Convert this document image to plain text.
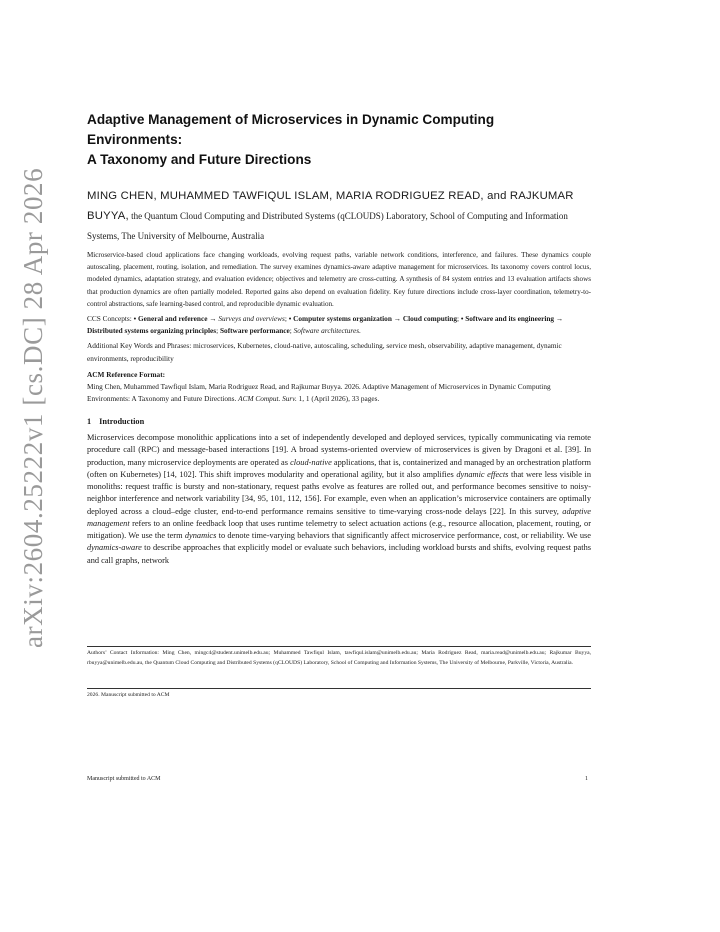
arXiv:2604.25222v1 [cs.DC] 28 Apr 2026
Adaptive Management of Microservices in Dynamic Computing Environments:
A Taxonomy and Future Directions
MING CHEN, MUHAMMED TAWFIQUL ISLAM, MARIA RODRIGUEZ READ, and RAJKUMAR BUYYA, the Quantum Cloud Computing and Distributed Systems (qCLOUDS) Laboratory, School of Computing and Information Systems, The University of Melbourne, Australia

Microservice-based cloud applications face changing workloads, evolving request paths, variable network conditions, interference, and failures. These dynamics couple autoscaling, placement, routing, isolation, and remediation. The survey examines dynamics-aware adaptive management for microservices. Its taxonomy covers control locus, modeled dynamics, adaptation strategy, and evaluation evidence; objectives and telemetry are cross-cutting. A synthesis of 84 system entries and 13 evaluation artifacts shows that production dynamics are often partially modeled. Reported gains also depend on evaluation fidelity. Key future directions include cross-layer coordination, telemetry-to-control abstractions, safe learning-based control, and reproducible dynamic evaluation.

CCS Concepts: • General and reference → Surveys and overviews; • Computer systems organization → Cloud computing; • Software and its engineering → Distributed systems organizing principles; Software performance; Software architectures.
Additional Key Words and Phrases: microservices, Kubernetes, cloud-native, autoscaling, scheduling, service mesh, observability, adaptive management, dynamic environments, reproducibility
ACM Reference Format:
Ming Chen, Muhammed Tawfiqul Islam, Maria Rodriguez Read, and Rajkumar Buyya. 2026. Adaptive Management of Microservices in Dynamic Computing Environments: A Taxonomy and Future Directions. ACM Comput. Surv. 1, 1 (April 2026), 33 pages.
1 Introduction
Microservices decompose monolithic applications into a set of independently developed and deployed services, typically communicating via remote procedure call (RPC) and message-based interactions [19]. A broad systems-oriented overview of microservices is given by Dragoni et al. [39]. In production, many microservice deployments are operated as cloud-native applications, that is, containerized and managed by an orchestration platform (often on Kubernetes) [14, 102]. This shift improves modularity and operational agility, but it also amplifies dynamic effects that were less visible in monoliths: request traffic is bursty and non-stationary, request paths evolve as features are rolled out, and performance becomes sensitive to noisy-neighbor interference and network variability [34, 95, 101, 112, 156]. For example, even when an application’s microservice containers are optimally deployed across a cloud–edge cluster, end-to-end performance remains sensitive to time-varying cross-node delays [22]. In this survey, adaptive management refers to an online feedback loop that uses runtime telemetry to select actuation actions (e.g., resource allocation, placement, routing, or mitigation). We use the term dynamics to denote time-varying behaviors that significantly affect microservice performance, cost, or reliability. We use dynamics-aware to describe approaches that explicitly model or evaluate such behaviors, including workload bursts and shifts, evolving request paths and call graphs, network
Authors’ Contact Information: Ming Chen, mingc4@student.unimelb.edu.au; Muhammed Tawfiqul Islam, tawfiqul.islam@unimelb.edu.au; Maria Rodriguez Read, maria.read@unimelb.edu.au; Rajkumar Buyya, rbuyya@unimelb.edu.au, the Quantum Cloud Computing and Distributed Systems (qCLOUDS) Laboratory, School of Computing and Information Systems, The University of Melbourne, Parkville, Victoria, Australia.
2026. Manuscript submitted to ACM
Manuscript submitted to ACM	1
